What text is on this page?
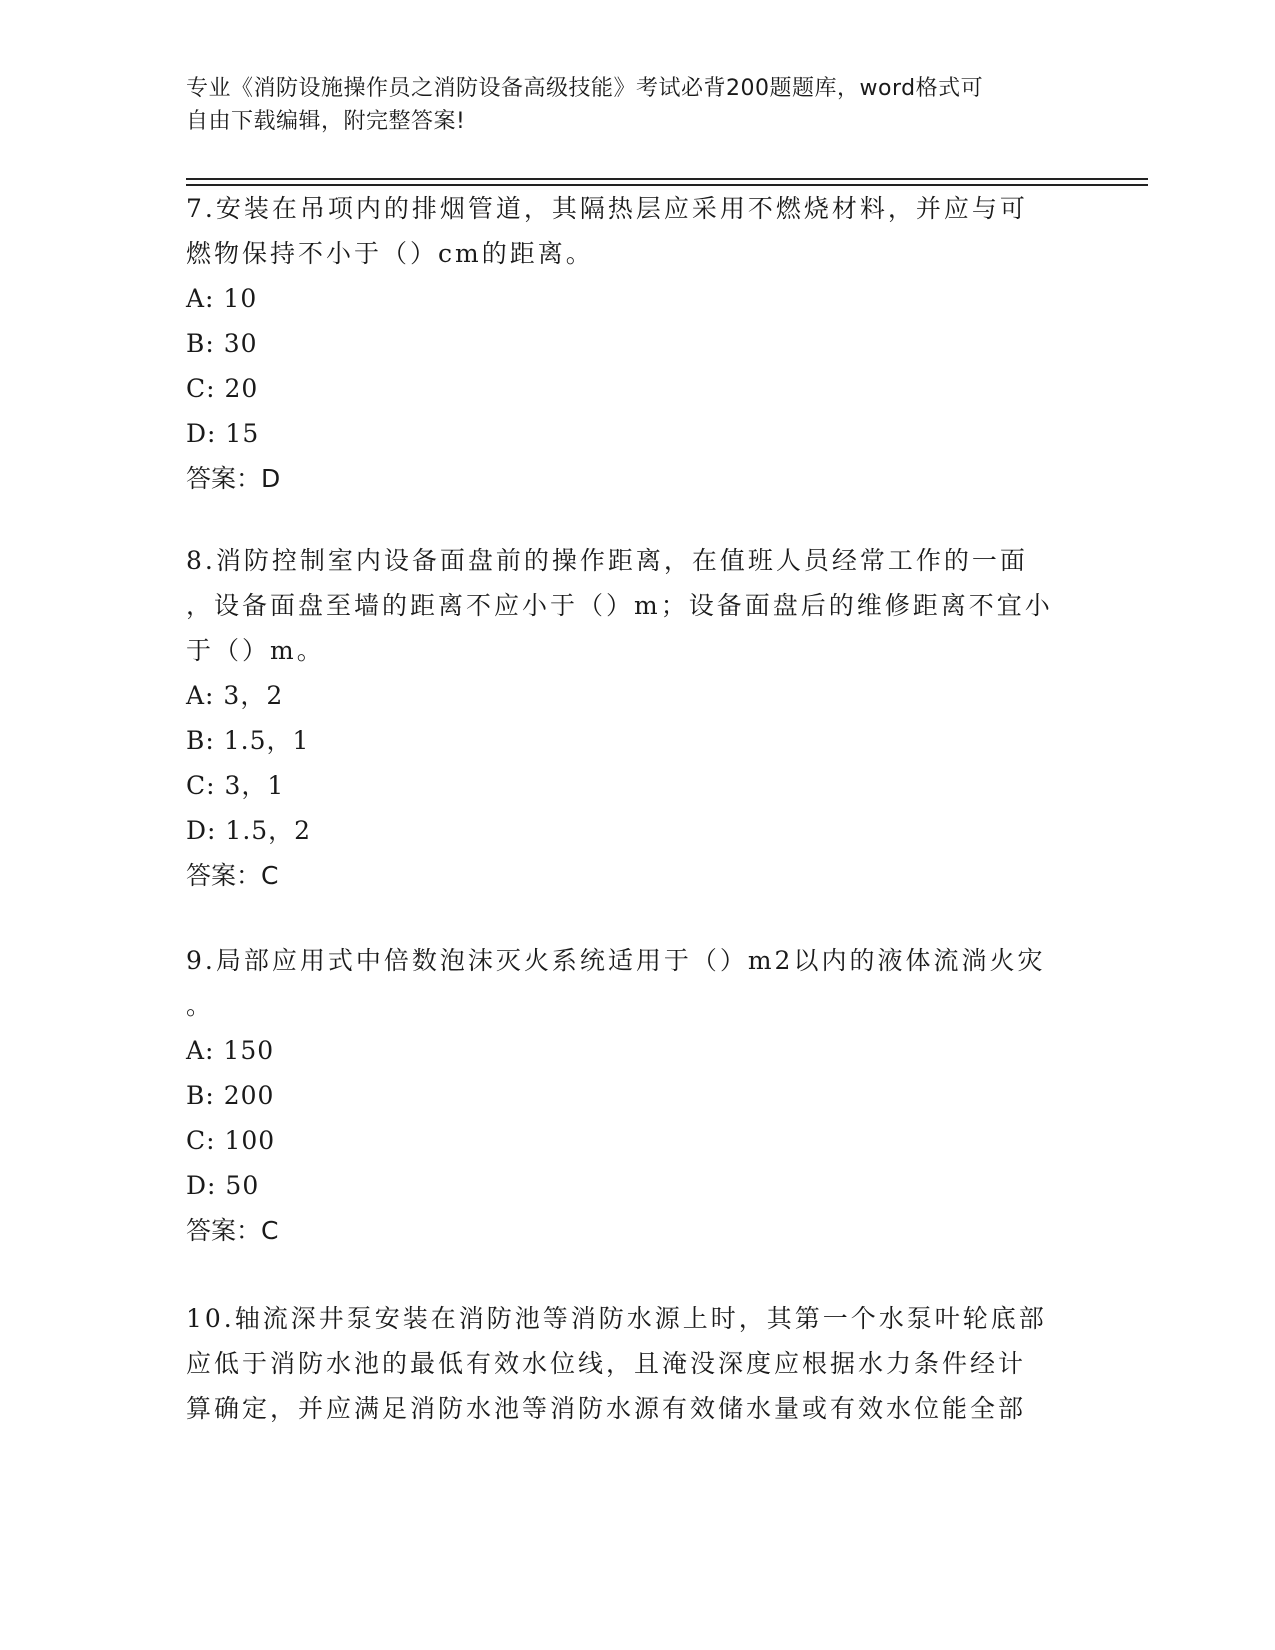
专业《消防设施操作员之消防设备高级技能》考试必背200题题库，word格式可
自由下载编辑，附完整答案!

7.安装在吊项内的排烟管道，其隔热层应采用不燃烧材料，并应与可

燃物保持不小于（）cm的距离。

A: 10

B: 30

C: 20

D: 15

答案：D

8.消防控制室内设备面盘前的操作距离，在值班人员经常工作的一面

，设备面盘至墙的距离不应小于（）m；设备面盘后的维修距离不宜小

于（）m。

A: 3，2

B: 1.5，1

C: 3，1

D: 1.5，2

答案：C

9.局部应用式中倍数泡沫灭火系统适用于（）m2以内的液体流淌火灾

。

A: 150

B: 200

C: 100

D: 50

答案：C

10.轴流深井泵安装在消防池等消防水源上时，其第一个水泵叶轮底部

应低于消防水池的最低有效水位线，且淹没深度应根据水力条件经计

算确定，并应满足消防水池等消防水源有效储水量或有效水位能全部
